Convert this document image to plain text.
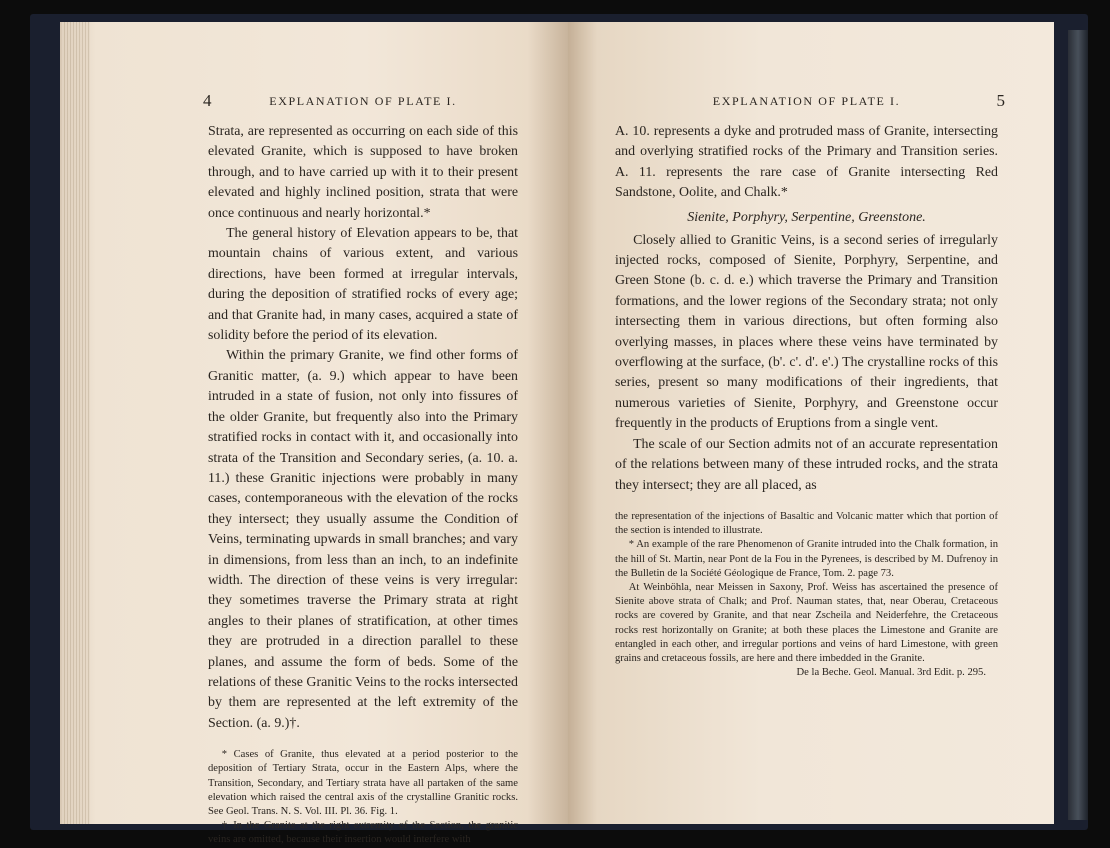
4	EXPLANATION OF PLATE I.

Strata, are represented as occurring on each side of this elevated Granite, which is supposed to have broken through, and to have carried up with it to their present elevated and highly inclined position, strata that were once continuous and nearly horizontal.*

The general history of Elevation appears to be, that mountain chains of various extent, and various directions, have been formed at irregular intervals, during the deposition of stratified rocks of every age; and that Granite had, in many cases, acquired a state of solidity before the period of its elevation.

Within the primary Granite, we find other forms of Granitic matter, (a. 9.) which appear to have been intruded in a state of fusion, not only into fissures of the older Granite, but frequently also into the Primary stratified rocks in contact with it, and occasionally into strata of the Transition and Secondary series, (a. 10. a. 11.) these Granitic injections were probably in many cases, contemporaneous with the elevation of the rocks they intersect; they usually assume the Condition of Veins, terminating upwards in small branches; and vary in dimensions, from less than an inch, to an indefinite width. The direction of these veins is very irregular: they sometimes traverse the Primary strata at right angles to their planes of stratification, at other times they are protruded in a direction parallel to these planes, and assume the form of beds. Some of the relations of these Granitic Veins to the rocks intersected by them are represented at the left extremity of the Section. (a. 9.)†.

* Cases of Granite, thus elevated at a period posterior to the deposition of Tertiary Strata, occur in the Eastern Alps, where the Transition, Secondary, and Tertiary strata have all partaken of the same elevation which raised the central axis of the crystalline Granitic rocks. See Geol. Trans. N. S. Vol. III. Pl. 36. Fig. 1.

† In the Granite at the right extremity of the Section, the granitic veins are omitted, because their insertion would interfere with

EXPLANATION OF PLATE I.	5

A. 10. represents a dyke and protruded mass of Granite, intersecting and overlying stratified rocks of the Primary and Transition series. A. 11. represents the rare case of Granite intersecting Red Sandstone, Oolite, and Chalk.*

Sienite, Porphyry, Serpentine, Greenstone.

Closely allied to Granitic Veins, is a second series of irregularly injected rocks, composed of Sienite, Porphyry, Serpentine, and Green Stone (b. c. d. e.) which traverse the Primary and Transition formations, and the lower regions of the Secondary strata; not only intersecting them in various directions, but often forming also overlying masses, in places where these veins have terminated by overflowing at the surface, (b'. c'. d'. e'.) The crystalline rocks of this series, present so many modifications of their ingredients, that numerous varieties of Sienite, Porphyry, and Greenstone occur frequently in the products of Eruptions from a single vent.

The scale of our Section admits not of an accurate representation of the relations between many of these intruded rocks, and the strata they intersect; they are all placed, as

the representation of the injections of Basaltic and Volcanic matter which that portion of the section is intended to illustrate.

* An example of the rare Phenomenon of Granite intruded into the Chalk formation, in the hill of St. Martin, near Pont de la Fou in the Pyrenees, is described by M. Dufrenoy in the Bulletin de la Société Géologique de France, Tom. 2. page 73.

At Weinböhla, near Meissen in Saxony, Prof. Weiss has ascertained the presence of Sienite above strata of Chalk; and Prof. Nauman states, that, near Oberau, Cretaceous rocks are covered by Granite, and that near Zscheila and Neiderfehre, the Cretaceous rocks rest horizontally on Granite; at both these places the Limestone and Granite are entangled in each other, and irregular portions and veins of hard Limestone, with green grains and cretaceous fossils, are here and there imbedded in the Granite.

De la Beche. Geol. Manual. 3rd Edit. p. 295.
